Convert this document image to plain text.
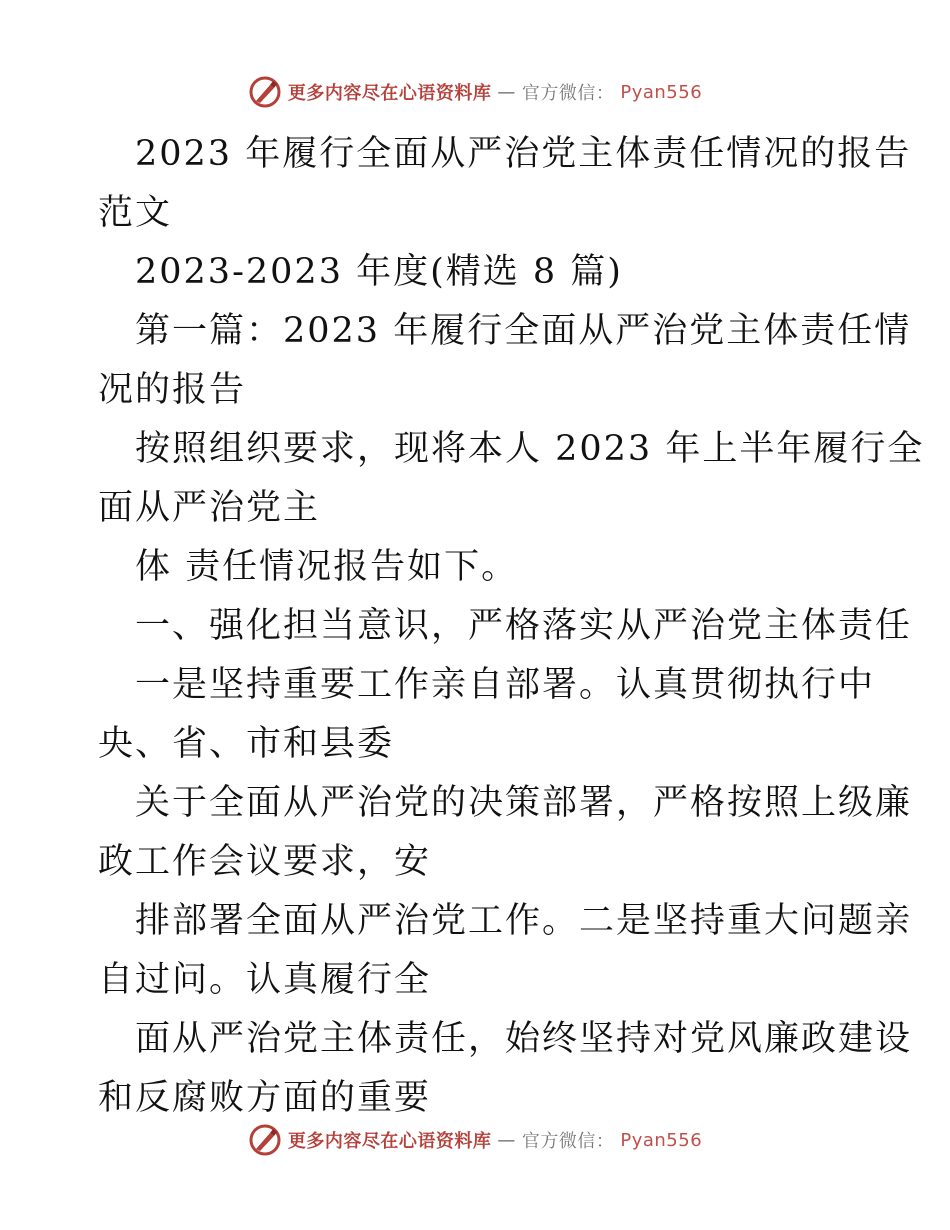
更多内容尽在心语资料库 — 官方微信： Pyan556
2023 年履行全面从严治党主体责任情况的报告
范文
2023-2023 年度(精选 8 篇)
第一篇：2023 年履行全面从严治党主体责任情
况的报告
按照组织要求，现将本人 2023 年上半年履行全
面从严治党主
体 责任情况报告如下。
一、强化担当意识，严格落实从严治党主体责任
一是坚持重要工作亲自部署。认真贯彻执行中
央、省、市和县委
关于全面从严治党的决策部署，严格按照上级廉
政工作会议要求，安
排部署全面从严治党工作。二是坚持重大问题亲
自过问。认真履行全
面从严治党主体责任，始终坚持对党风廉政建设
和反腐败方面的重要
更多内容尽在心语资料库 — 官方微信： Pyan556
